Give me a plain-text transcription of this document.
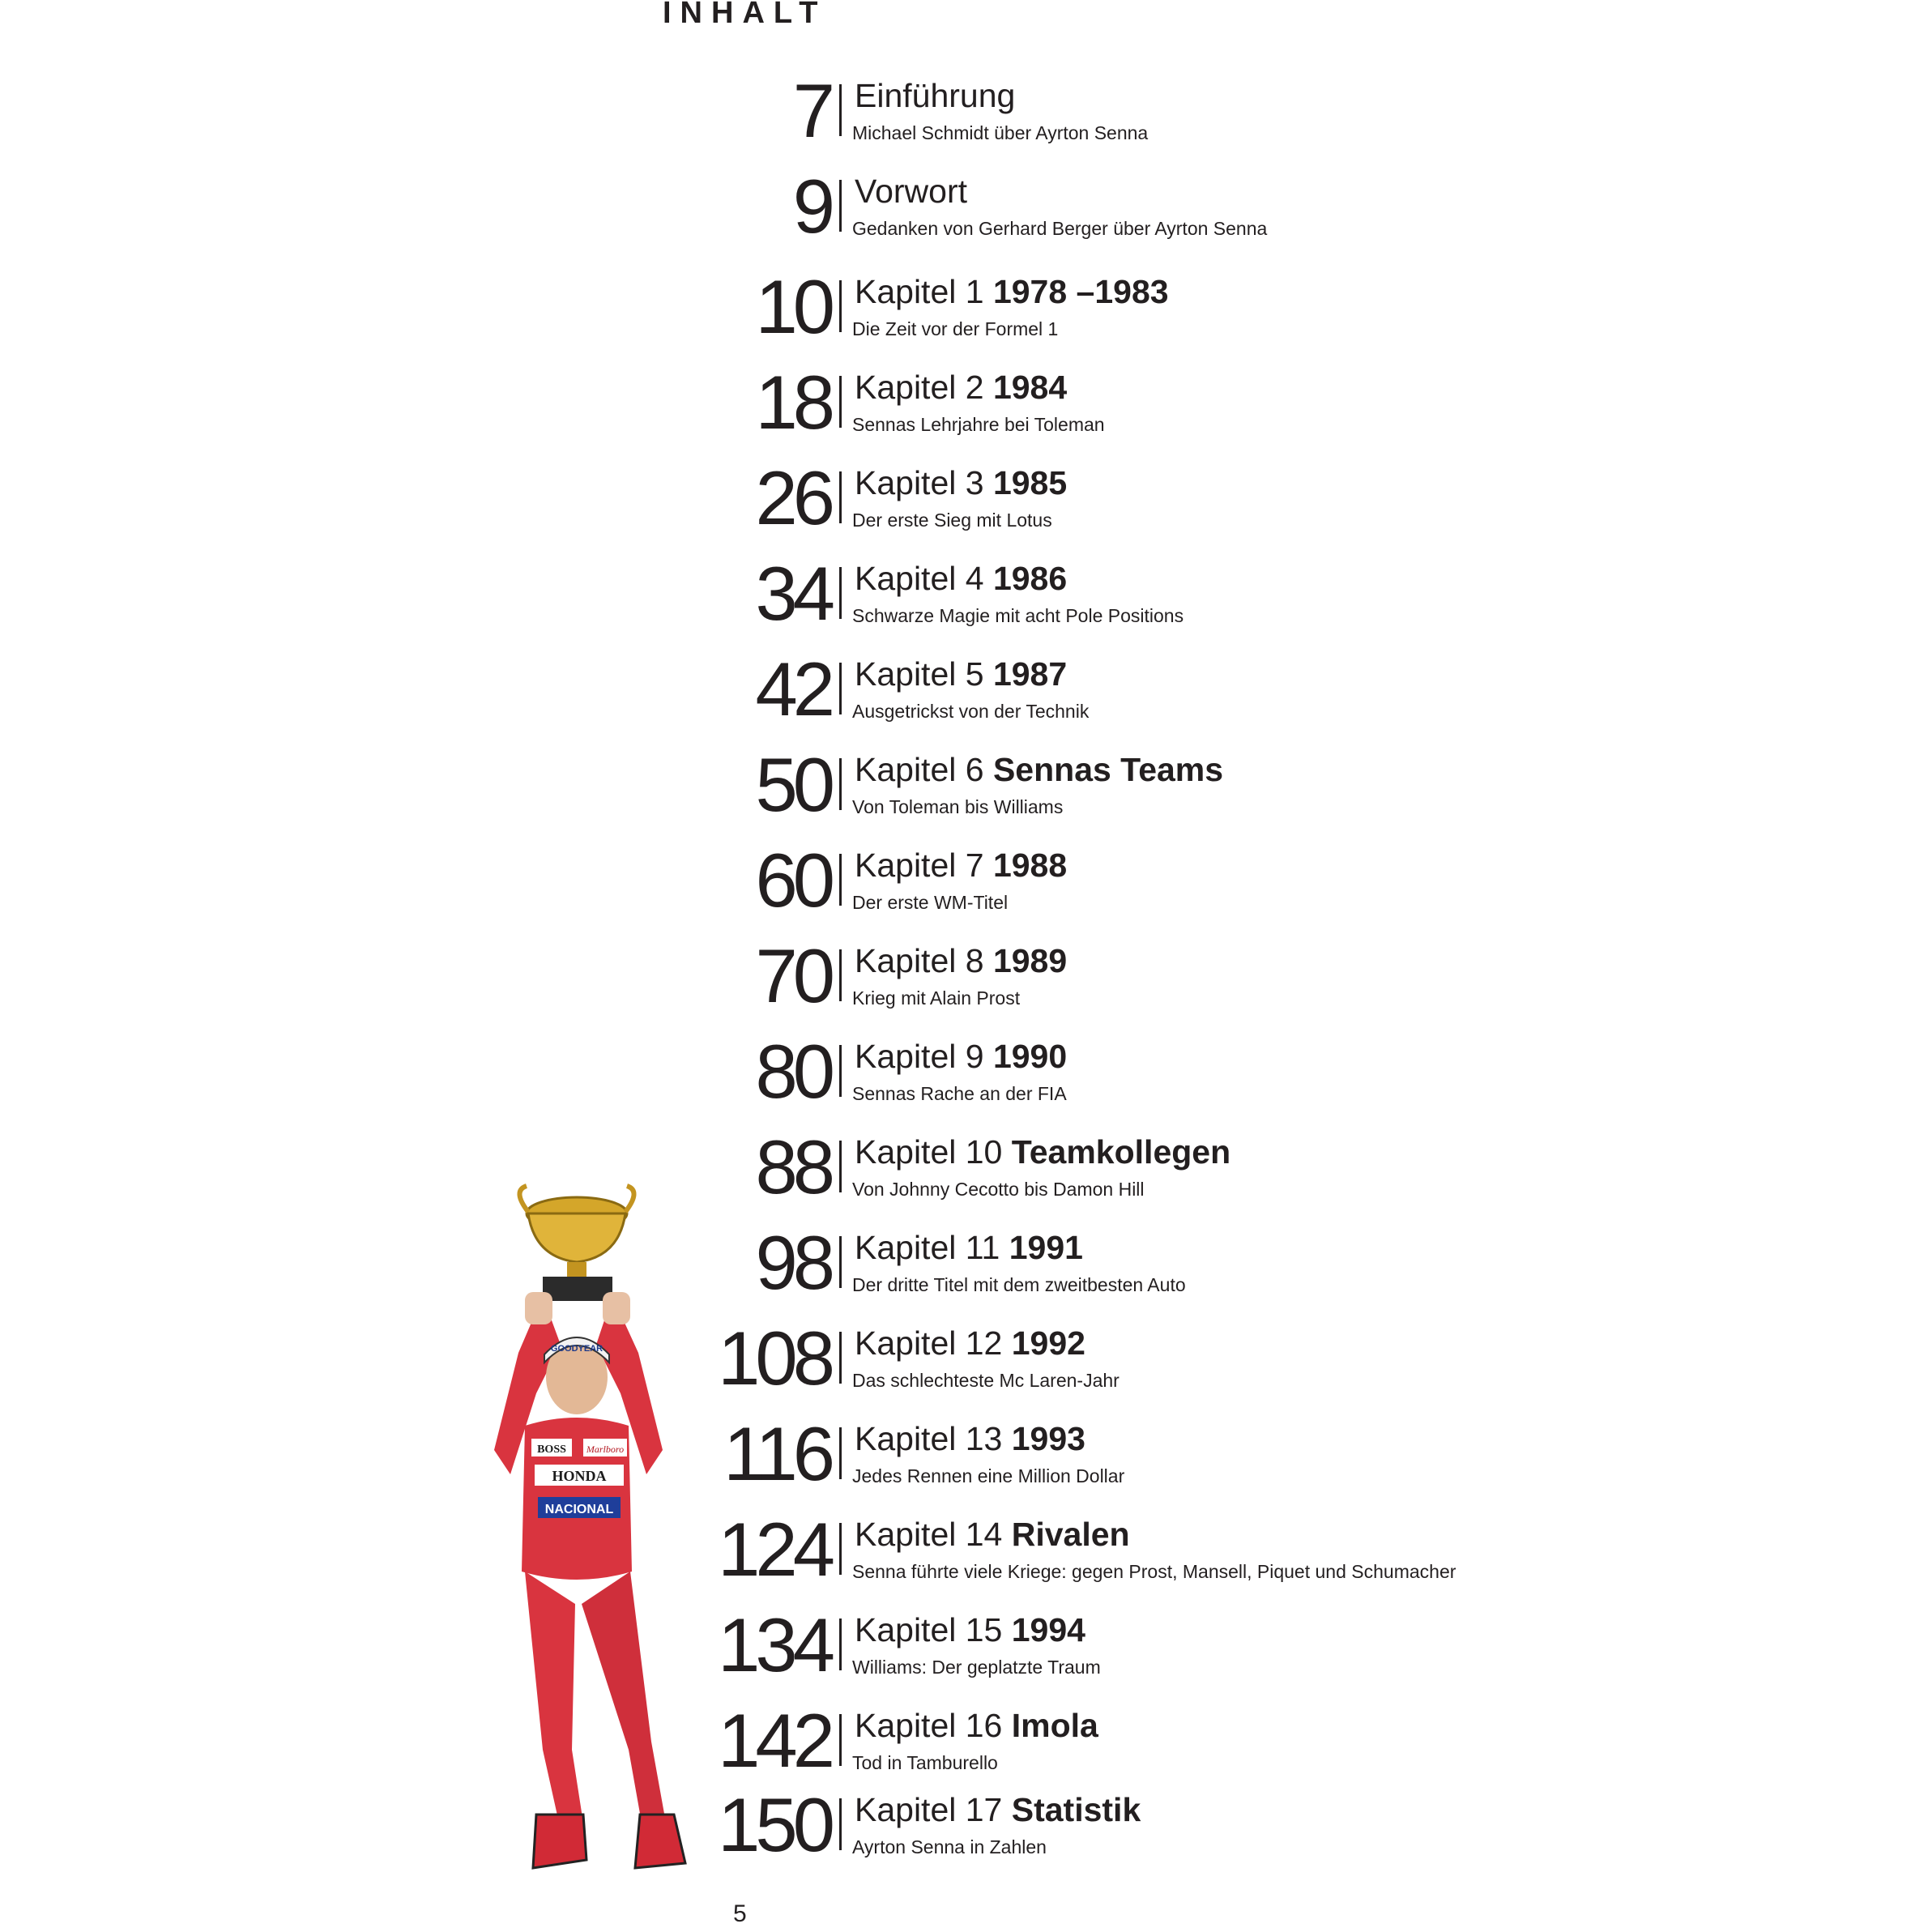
INHALT
7 Einführung
Michael Schmidt über Ayrton Senna
9 Vorwort
Gedanken von Gerhard Berger über Ayrton Senna
10 Kapitel 1 1978 –1983
Die Zeit vor der Formel 1
18 Kapitel 2 1984
Sennas Lehrjahre bei Toleman
26 Kapitel 3 1985
Der erste Sieg mit Lotus
34 Kapitel 4 1986
Schwarze Magie mit acht Pole Positions
42 Kapitel 5 1987
Ausgetrickst von der Technik
50 Kapitel 6 Sennas Teams
Von Toleman bis Williams
60 Kapitel 7 1988
Der erste WM-Titel
70 Kapitel 8 1989
Krieg mit Alain Prost
80 Kapitel 9 1990
Sennas Rache an der FIA
88 Kapitel 10 Teamkollegen
Von Johnny Cecotto bis Damon Hill
98 Kapitel 11 1991
Der dritte Titel mit dem zweitbesten Auto
108 Kapitel 12 1992
Das schlechteste Mc Laren-Jahr
116 Kapitel 13 1993
Jedes Rennen eine Million Dollar
124 Kapitel 14 Rivalen
Senna führte viele Kriege: gegen Prost, Mansell, Piquet und Schumacher
134 Kapitel 15 1994
Williams: Der geplatzte Traum
142 Kapitel 16 Imola
Tod in Tamburello
150 Kapitel 17 Statistik
Ayrton Senna in Zahlen
GOODYEAR
BOSS Marlboro
HONDA
NACIONAL
5
